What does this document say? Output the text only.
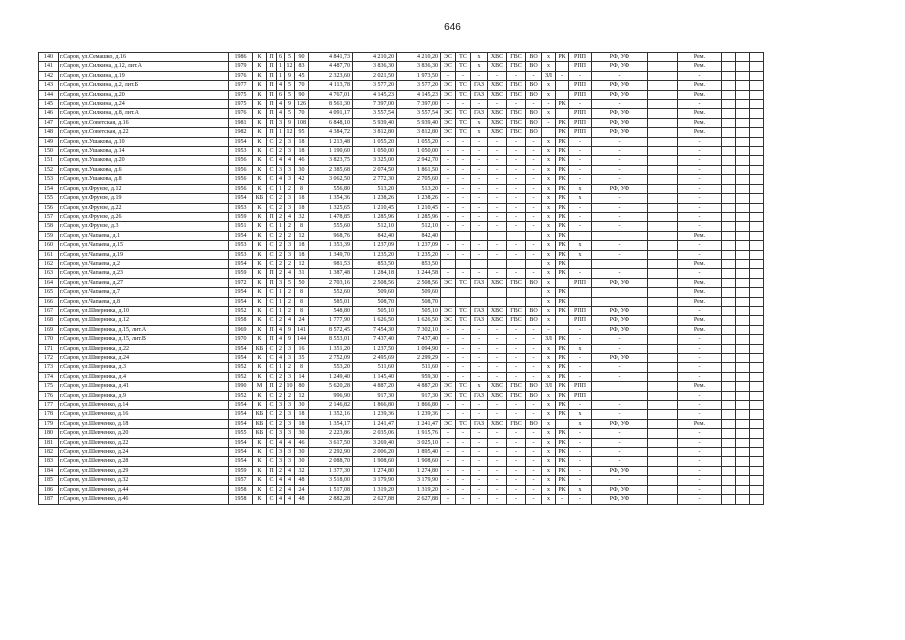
646
140	г.Саров, ул.Семашко, д.16	1986	К	П	6	5	90	4 841,73	4 210,20	4 210,20	ЭС	ТС	х	ХВС	ГВС	ВО	х	РК	РПП	РФ, УФ		Рем.			
141	г.Саров, ул.Силкина, д.12, лит.А	1979	К	П	1	12	83	4 487,70	3 836,30	3 836,30	ЭС	ТС	х	ХВС	ГВС	ВО	х		РПП	РФ, УФ		Рем.			
142	г.Саров, ул.Силкина, д.19	1976	К	П	1	9	45	2 323,60	2 021,50	1 973,50	-	-	-	-	-	-	ЗЛ	-	-	-		-			
143	г.Саров, ул.Силкина, д.2, лит.Б	1977	К	П	4	5	70	4 113,78	3 577,20	3 577,20	ЭС	ТС	ГАЗ	ХВС	ГВС	ВО	х		РПП	РФ, УФ		Рем.			
144	г.Саров, ул.Силкина, д.20	1975	К	П	6	5	90	4 767,01	4 145,23	4 145,23	ЭС	ТС	ГАЗ	ХВС	ГВС	ВО	х		РПП	РФ, УФ		Рем.			
145	г.Саров, ул.Силкина, д.24	1975	К	П	4	9	126	8 561,30	7 397,00	7 397,00	-	-	-	-	-	-	-	РК	-	-		-			
146	г.Саров, ул.Силкина, д.8, лит.А	1976	К	П	4	5	70	4 091,17	3 557,54	3 557,54	ЭС	ТС	ГАЗ	ХВС	ГВС	ВО	х		РПП	РФ, УФ		Рем.			
147	г.Саров, ул.Советская, д.16	1981	К	П	3	9	108	6 848,10	5 939,40	5 939,40	ЭС	ТС	х	ХВС	ГВС	ВО	-	РК	РПП	РФ, УФ		Рем.			
148	г.Саров, ул.Советская, д.22	1982	К	П	1	12	95	4 384,72	3 812,80	3 812,80	ЭС	ТС	х	ХВС	ГВС	ВО		РК	РПП	РФ, УФ		Рем.			
149	г.Саров, ул.Ушакова, д.10	1954	К	С	2	3	18	1 213,48	1 055,20	1 055,20	-	-	-	-	-	-	х	РК	-	-		-			
150	г.Саров, ул.Ушакова, д.14	1953	К	С	2	3	18	1 190,60	1 050,00	1 050,00	-	-	-	-	-	-	х	РК	-	-		-			
151	г.Саров, ул.Ушакова, д.20	1956	К	С	4	4	46	3 823,75	3 325,00	2 942,70	-	-	-	-	-	-	х	РК	-	-		-			
152	г.Саров, ул.Ушакова, д.6	1956	К	С	3	3	30	2 385,68	2 074,50	1 861,50	-	-	-	-	-	-	х	РК	-	-		-			
153	г.Саров, ул.Ушакова, д.8	1956	К	С	4	3	42	3 062,50	2 772,30	2 705,60	-	-	-	-	-	-	х	РК	-	-		-			
154	г.Саров, ул.Фрунзе, д.12	1956	К	С	1	2	8	556,80	513,20	513,20	-	-	-	-	-	-	х	РК	х	РФ, УФ		-			
155	г.Саров, ул.Фрунзе, д.19	1954	КБ	С	2	3	18	1 354,36	1 238,26	1 238,26	-	-	-	-	-	-	х	РК	х	-		-			
156	г.Саров, ул.Фрунзе, д.22	1953	К	С	2	3	18	1 325,65	1 210,45	1 210,45	-	-	-	-	-	-	х	РК	-	-		-			
157	г.Саров, ул.Фрунзе, д.26	1959	К	П	2	4	32	1 478,85	1 285,96	1 285,96	-	-	-	-	-	-	х	РК	-	-		-			
158	г.Саров, ул.Фрунзе, д.3	1951	К	С	1	2	8	555,60	512,10	512,10	-	-	-	-	-	-	х	РК	-	-		-			
159	г.Саров, ул.Чапаева, д.1	1954	К	С	2	2	12	968,76	842,40	842,40							х	РК				Рем.			
160	г.Саров, ул.Чапаева, д.15	1953	К	С	2	3	18	1 353,39	1 237,09	1 237,09	-	-	-	-	-	-	х	РК	х	-		-			
161	г.Саров, ул.Чапаева, д.19	1953	К	С	2	3	18	1 349,70	1 235,20	1 235,20	-	-	-	-	-	-	х	РК	х	-		-			
162	г.Саров, ул.Чапаева, д.2	1954	К	С	2	2	12	981,53	853,50	853,50							х	РК				Рем.			
163	г.Саров, ул.Чапаева, д.23	1959	К	П	2	4	31	1 387,48	1 284,18	1 244,58	-	-	-	-	-	-	х	РК	-	-		-			
164	г.Саров, ул.Чапаева, д.27	1972	К	П	3	5	50	2 703,16	2 508,56	2 508,56	ЭС	ТС	ГАЗ	ХВС	ГВС	ВО	х		РПП	РФ, УФ		Рем.			
165	г.Саров, ул.Чапаева, д.7	1954	К	С	1	2	8	552,60	509,60	509,60							х	РК				Рем.			
166	г.Саров, ул.Чапаева, д.8	1954	К	С	1	2	8	585,01	508,70	508,70							х	РК				Рем.			
167	г.Саров, ул.Шверника, д.10	1952	К	С	1	2	8	548,80	505,10	505,10	ЭС	ТС	ГАЗ	ХВС	ГВС	ВО	х	РК	РПП	РФ, УФ		-			
168	г.Саров, ул.Шверника, д.12	1958	К	С	2	4	24	1 777,90	1 626,50	1 626,50	ЭС	ТС	ГАЗ	ХВС	ГВС	ВО	х		РПП	РФ, УФ		Рем.			
169	г.Саров, ул.Шверника, д.15, лит.А	1969	К	П	4	9	141	8 572,45	7 454,30	7 302,10	-	-	-	-	-	-	-		-	РФ, УФ		Рем.			
170	г.Саров, ул.Шверника, д.15, лит.В	1970	К	П	4	9	144	8 553,01	7 437,40	7 437,40	-	-	-	-	-	-	ЗЛ	РК	-	-		-			
171	г.Саров, ул.Шверника, д.22	1954	КБ	С	2	3	16	1 351,20	1 237,50	1 094,90	-	-	-	-	-	-	х	РК	х	-		-			
172	г.Саров, ул.Шверника, д.24	1954	К	С	4	3	35	2 752,09	2 495,69	2 299,29	-	-	-	-	-	-	х	РК	-	РФ, УФ		-			
173	г.Саров, ул.Шверника, д.3	1952	К	С	1	2	8	553,20	511,60	511,60	-	-	-	-	-	-	х	РК	-	-		-			
174	г.Саров, ул.Шверника, д.4	1952	К	С	2	3	14	1 249,40	1 145,40	959,30	-	-	-	-	-	-	х	РК	-	-		-			
175	г.Саров, ул.Шверника, д.41	1990	М	П	2	10	80	5 620,28	4 887,20	4 887,20	ЭС	ТС	х	ХВС	ГВС	ВО	ЗЛ	РК	РПП			Рем.			
176	г.Саров, ул.Шверника, д.9	1952	К	С	2	2	12	996,90	917,30	917,30	ЭС	ТС	ГАЗ	ХВС	ГВС	ВО	х	РК	РПП			-			
177	г.Саров, ул.Шевченко, д.14	1954	К	С	3	3	30	2 146,82	1 866,80	1 866,80	-	-	-	-	-	-	х	РК	-	-		-			
178	г.Саров, ул.Шевченко, д.16	1954	КБ	С	2	3	18	1 352,16	1 239,36	1 239,36	-	-	-	-	-	-	х	РК	х	-		-			
179	г.Саров, ул.Шевченко, д.18	1954	КБ	С	2	3	18	1 354,17	1 241,47	1 241,47	ЭС	ТС	ГАЗ	ХВС	ГВС	ВО	х		х	РФ, УФ		Рем.			
180	г.Саров, ул.Шевченко, д.20	1955	КБ	С	3	3	30	2 223,86	2 035,06	1 915,76	-	-	-	-	-	-	х	РК	-	-		-			
181	г.Саров, ул.Шевченко, д.22	1954	К	С	4	4	46	3 617,50	3 269,40	3 025,10	-	-	-	-	-	-	х	РК	-	-		-			
182	г.Саров, ул.Шевченко, д.24	1954	К	С	3	3	30	2 292,90	2 006,20	1 895,40	-	-	-	-	-	-	х	РК	-	-		-			
183	г.Саров, ул.Шевченко, д.28	1954	К	С	3	3	30	2 088,70	1 908,60	1 908,60	-	-	-	-	-	-	х	РК	-	-		-			
184	г.Саров, ул.Шевченко, д.29	1959	К	П	2	4	32	1 377,30	1 274,80	1 274,80	-	-	-	-	-	-	х	РК	-	РФ, УФ		-			
185	г.Саров, ул.Шевченко, д.32	1957	К	С	4	4	48	3 518,00	3 179,90	3 179,90	-	-	-	-	-	-	х	РК	-	-		-			
186	г.Саров, ул.Шевченко, д.44	1958	К	С	2	4	24	1 517,08	1 319,20	1 319,20	-	-	-	-	-	-	х	РК	х	РФ, УФ		-			
187	г.Саров, ул.Шевченко, д.46	1958	К	С	4	4	48	2 882,28	2 627,88	2 627,88	-	-	-	-	-	-	х	-	-	РФ, УФ		-			
